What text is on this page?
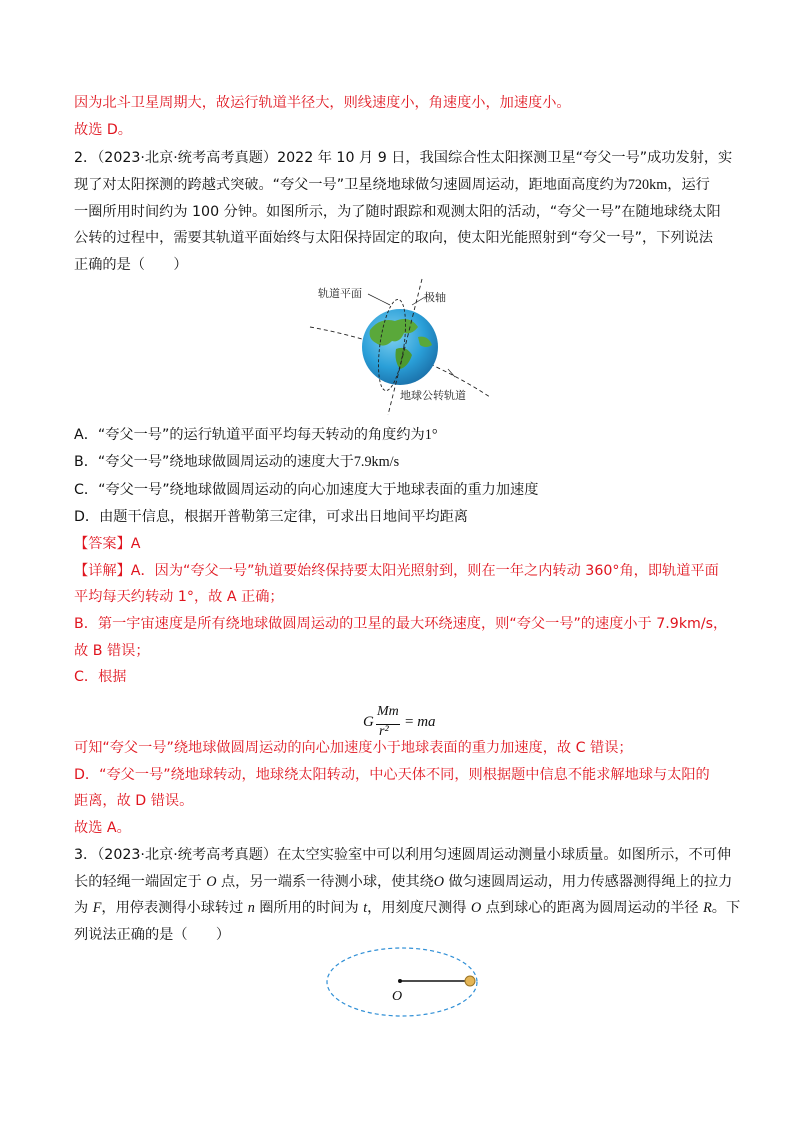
因为北斗卫星周期大，故运行轨道半径大，则线速度小，角速度小，加速度小。
故选 D。
2．（2023·北京·统考高考真题）2022 年 10 月 9 日，我国综合性太阳探测卫星“夸父一号”成功发射，实
现了对太阳探测的跨越式突破。“夸父一号”卫星绕地球做匀速圆周运动，距地面高度约为720km，运行
一圈所用时间约为 100 分钟。如图所示，为了随时跟踪和观测太阳的活动，“夸父一号”在随地球绕太阳
公转的过程中，需要其轨道平面始终与太阳保持固定的取向，使太阳光能照射到“夸父一号”，下列说法
正确的是（　　）
轨道平面	极轴
地球公转轨道
A．“夸父一号”的运行轨道平面平均每天转动的角度约为1°
B．“夸父一号”绕地球做圆周运动的速度大于7.9km/s
C．“夸父一号”绕地球做圆周运动的向心加速度大于地球表面的重力加速度
D．由题干信息，根据开普勒第三定律，可求出日地间平均距离
【答案】A
【详解】A．因为“夸父一号”轨道要始终保持要太阳光照射到，则在一年之内转动 360°角，即轨道平面
平均每天约转动 1°，故 A 正确；
B．第一宇宙速度是所有绕地球做圆周运动的卫星的最大环绕速度，则“夸父一号”的速度小于 7.9km/s，
故 B 错误；
C．根据
G
Mm
r²
= ma
可知“夸父一号”绕地球做圆周运动的向心加速度小于地球表面的重力加速度，故 C 错误；
D．“夸父一号”绕地球转动，地球绕太阳转动，中心天体不同，则根据题中信息不能求解地球与太阳的
距离，故 D 错误。
故选 A。
3．（2023·北京·统考高考真题）在太空实验室中可以利用匀速圆周运动测量小球质量。如图所示，不可伸
长的轻绳一端固定于 O 点，另一端系一待测小球，使其绕O 做匀速圆周运动，用力传感器测得绳上的拉力
为 F，用停表测得小球转过 n 圈所用的时间为 t，用刻度尺测得 O 点到球心的距离为圆周运动的半径 R。下
列说法正确的是（　　）
O
